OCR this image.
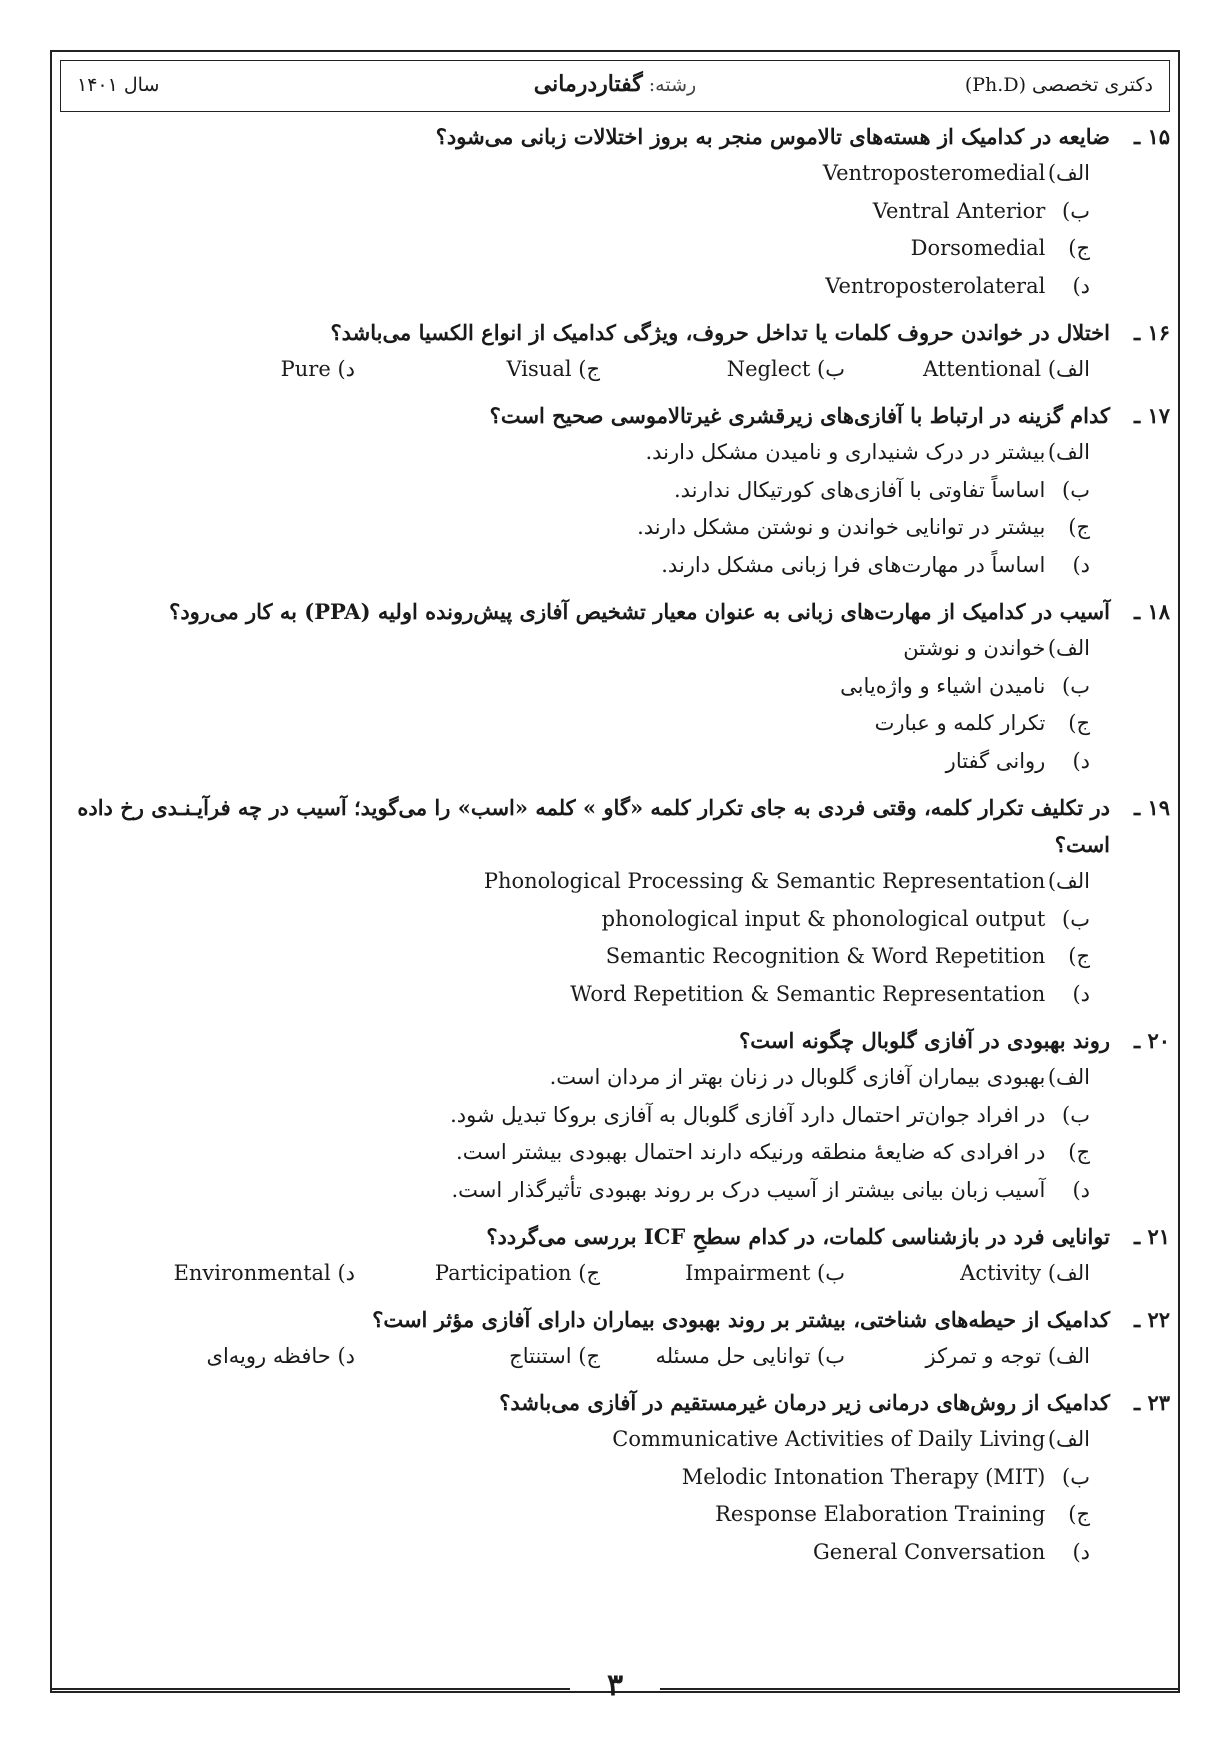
دکتری تخصصی (Ph.D)
رشته: گفتاردرمانی
سال ۱۴۰۱
۱۵ ـ
ضایعه در کدامیک از هسته‌های تالاموس منجر به بروز اختلالات زبانی می‌شود؟
الف) Ventroposteromedial
ب) Ventral Anterior
ج) Dorsomedial
د) Ventroposterolateral
۱۶ ـ
اختلال در خواندن حروف کلمات یا تداخل حروف، ویژگی کدامیک از انواع الکسیا می‌باشد؟
الف) Attentional
ب) Neglect
ج) Visual
د) Pure
۱۷ ـ
کدام گزینه در ارتباط با آفازی‌های زیرقشری غیرتالاموسی صحیح است؟
الف) بیشتر در درک شنیداری و نامیدن مشکل دارند.
ب) اساساً تفاوتی با آفازی‌های کورتیکال ندارند.
ج) بیشتر در توانایی خواندن و نوشتن مشکل دارند.
د) اساساً در مهارت‌های فرا زبانی مشکل دارند.
۱۸ ـ
آسیب در کدامیک از مهارت‌های زبانی به عنوان معیار تشخیص آفازی پیش‌رونده اولیه (PPA) به کار می‌رود؟
الف) خواندن و نوشتن
ب) نامیدن اشیاء و واژه‌یابی
ج) تکرار کلمه و عبارت
د) روانی گفتار
۱۹ ـ
در تکلیف تکرار کلمه، وقتی فردی به جای تکرار کلمه «گاو » کلمه «اسب» را می‌گوید؛ آسیب در چه فرآیـنـدی رخ داده است؟
الف) Phonological Processing & Semantic Representation
ب) phonological input & phonological output
ج) Semantic Recognition & Word Repetition
د) Word Repetition & Semantic Representation
۲۰ ـ
روند بهبودی در آفازی گلوبال چگونه است؟
الف) بهبودی بیماران آفازی گلوبال در زنان بهتر از مردان است.
ب) در افراد جوان‌تر احتمال دارد آفازی گلوبال به آفازی بروکا تبدیل شود.
ج) در افرادی که ضایعهٔ منطقه ورنیکه دارند احتمال بهبودی بیشتر است.
د) آسیب زبان بیانی بیشتر از آسیب درک بر روند بهبودی تأثیرگذار است.
۲۱ ـ
توانایی فرد در بازشناسی کلمات، در کدام سطحِ ICF بررسی می‌گردد؟
الف) Activity
ب) Impairment
ج) Participation
د) Environmental
۲۲ ـ
کدامیک از حیطه‌های شناختی، بیشتر بر روند بهبودی بیماران دارای آفازی مؤثر است؟
الف) توجه و تمرکز
ب) توانایی حل مسئله
ج) استنتاج
د) حافظه رویه‌ای
۲۳ ـ
کدامیک از روش‌های درمانی زیر درمان غیرمستقیم در آفازی می‌باشد؟
الف) Communicative Activities of Daily Living
ب) Melodic Intonation Therapy (MIT)
ج) Response Elaboration Training
د) General Conversation
۳
